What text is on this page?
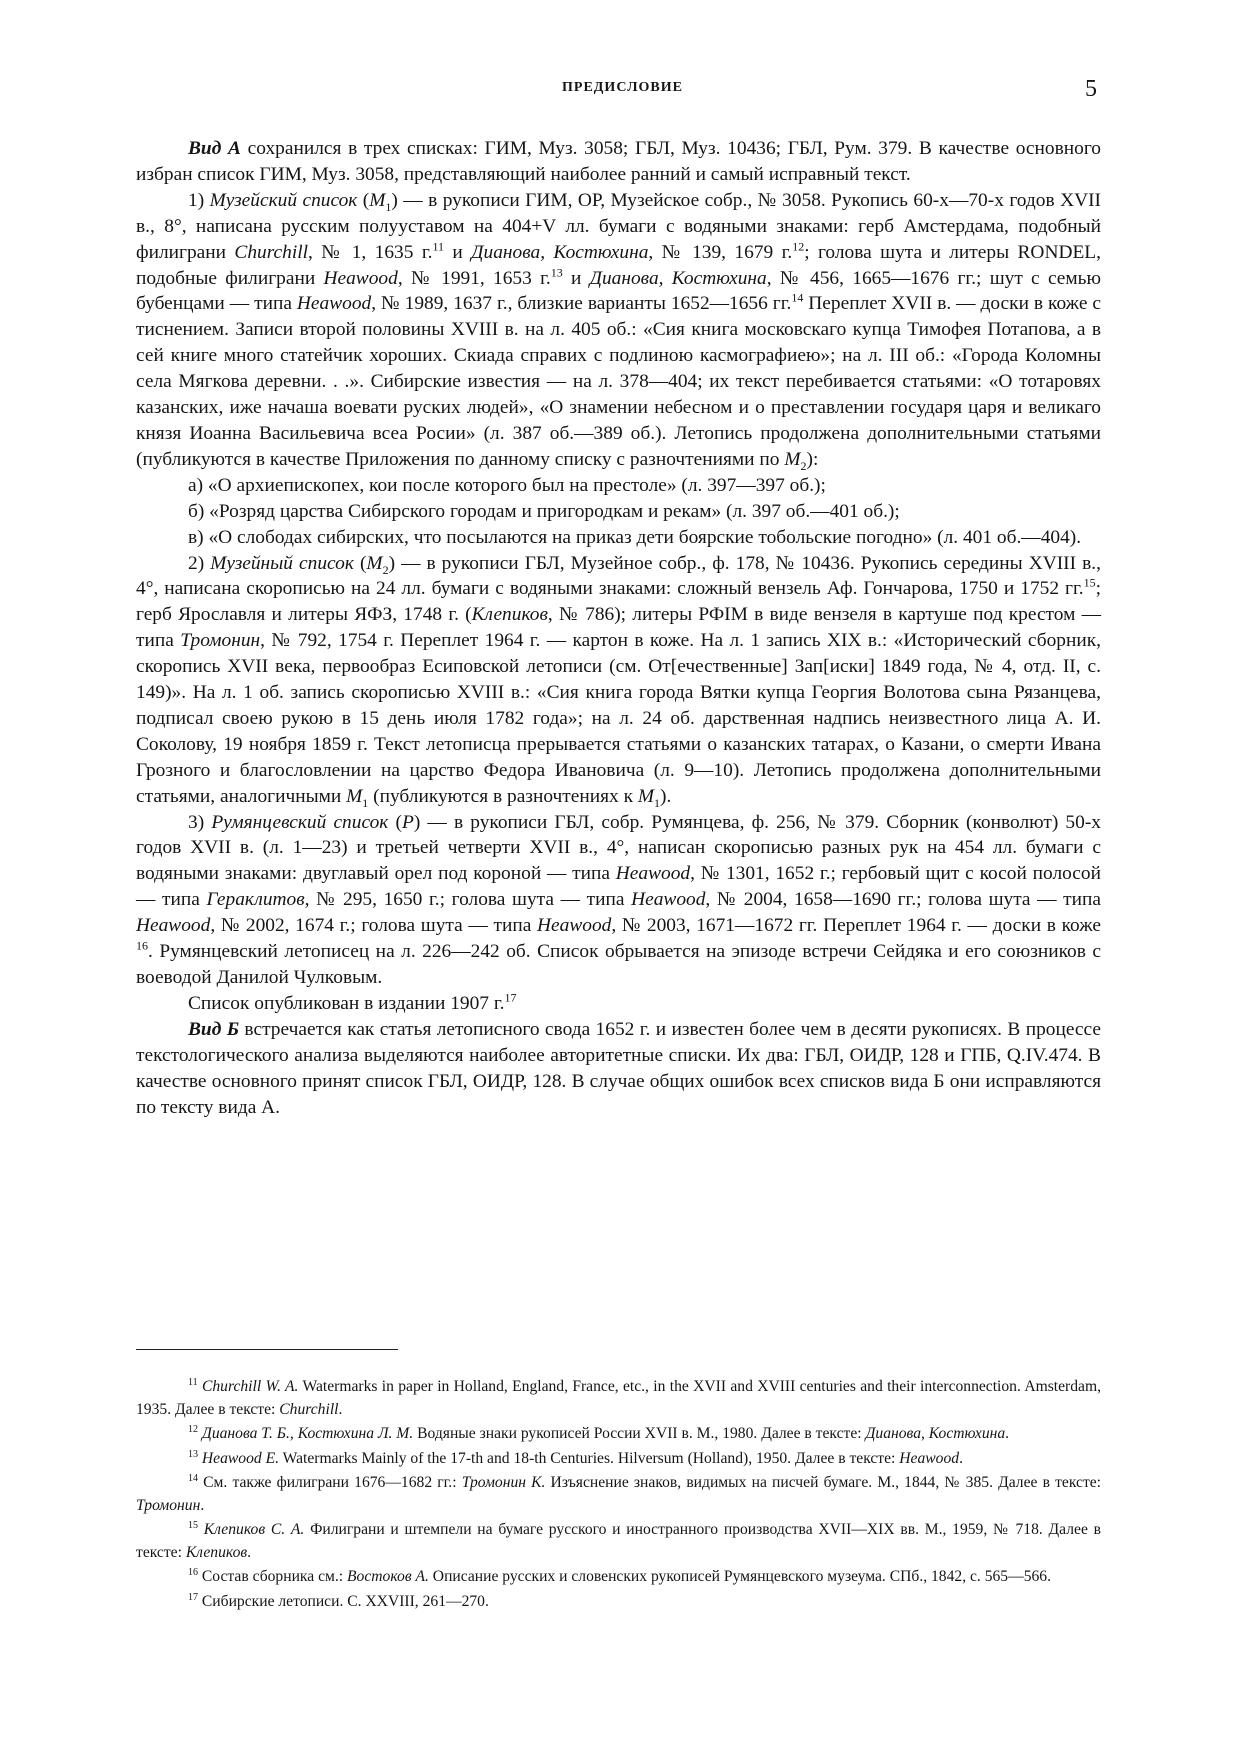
ПРЕДИСЛОВИЕ	5

Вид А сохранился в трех списках: ГИМ, Муз. 3058; ГБЛ, Муз. 10436; ГБЛ, Рум. 379. В качестве основного избран список ГИМ, Муз. 3058, представляющий наиболее ранний и самый исправный текст.

1) Музейский список $(М_1)$ — в рукописи ГИМ, ОР, Музейское собр., № 3058. Рукопись 60-х—70-х годов XVII в., 8°, написана русским полууставом на 404+V лл. бумаги с водяными знаками: герб Амстердама, подобный филиграни Churchill, № 1, 1635 г.$^{11}$ и Дианова, Костюхина, № 139, 1679 г.$^{12}$; голова шута и литеры RONDEL, подобные филиграни Heawood, № 1991, 1653 г.$^{13}$ и Дианова, Костюхина, № 456, 1665—1676 гг.; шут с семью бубенцами — типа Heawood, № 1989, 1637 г., близкие варианты 1652—1656 гг.$^{14}$ Переплет XVII в. — доски в коже с тиснением. Записи второй половины XVIII в. на л. 405 об.: «Сия книга московскаго купца Тимофея Потапова, а в сей книге много статейчик хороших. Скиада справих с подлиною касмографиею»; на л. III об.: «Города Коломны села Мягкова деревни. . .». Сибирские известия — на л. 378—404; их текст перебивается статьями: «О тотаровях казанских, иже начаша воевати руских людей», «О знамении небесном и о преставлении государя царя и великаго князя Иоанна Васильевича всеа Росии» (л. 387 об.—389 об.). Летопись продолжена дополнительными статьями (публикуются в качестве Приложения по данному списку с разночтениями по $М_2$):

а) «О архиепископех, кои после которого был на престоле» (л. 397—397 об.);

б) «Розряд царства Сибирского городам и пригородкам и рекам» (л. 397 об.—401 об.);

в) «О слободах сибирских, что посылаются на приказ дети боярские тобольские погодно» (л. 401 об.—404).

2) Музейный список $(М_2)$ — в рукописи ГБЛ, Музейное собр., ф. 178, № 10436. Рукопись середины XVIII в., 4°, написана скорописью на 24 лл. бумаги с водяными знаками: сложный вензель Аф. Гончарова, 1750 и 1752 гг.$^{15}$; герб Ярославля и литеры ЯФЗ, 1748 г. (Клепиков, № 786); литеры РФІМ в виде вензеля в картуше под крестом — типа Тромонин, № 792, 1754 г. Переплет 1964 г. — картон в коже. На л. 1 запись XIX в.: «Исторический сборник, скоропись XVII века, первообраз Есиповской летописи (см. От[ечественные] Зап[иски] 1849 года, № 4, отд. II, с. 149)». На л. 1 об. запись скорописью XVIII в.: «Сия книга города Вятки купца Георгия Волотова сына Рязанцева, подписал своею рукою в 15 день июля 1782 года»; на л. 24 об. дарственная надпись неизвестного лица А. И. Соколову, 19 ноября 1859 г. Текст летописца прерывается статьями о казанских татарах, о Казани, о смерти Ивана Грозного и благословлении на царство Федора Ивановича (л. 9—10). Летопись продолжена дополнительными статьями, аналогичными $М_1$ (публикуются в разночтениях к $М_1$).

3) Румянцевский список (Р) — в рукописи ГБЛ, собр. Румянцева, ф. 256, № 379. Сборник (конволют) 50-х годов XVII в. (л. 1—23) и третьей четверти XVII в., 4°, написан скорописью разных рук на 454 лл. бумаги с водяными знаками: двуглавый орел под короной — типа Heawood, № 1301, 1652 г.; гербовый щит с косой полосой — типа Гераклитов, № 295, 1650 г.; голова шута — типа Heawood, № 2004, 1658—1690 гг.; голова шута — типа Heawood, № 2002, 1674 г.; голова шута — типа Heawood, № 2003, 1671—1672 гг. Переплет 1964 г. — доски в коже $^{16}$. Румянцевский летописец на л. 226—242 об. Список обрывается на эпизоде встречи Сейдяка и его союзников с воеводой Данилой Чулковым.

Список опубликован в издании 1907 г.$^{17}$

Вид Б встречается как статья летописного свода 1652 г. и известен более чем в десяти рукописях. В процессе текстологического анализа выделяются наиболее авторитетные списки. Их два: ГБЛ, ОИДР, 128 и ГПБ, Q.IV.474. В качестве основного принят список ГБЛ, ОИДР, 128. В случае общих ошибок всех списков вида Б они исправляются по тексту вида А.

$^{11}$ Churchill W. A. Watermarks in paper in Holland, England, France, etc., in the XVII and XVIII centuries and their interconnection. Amsterdam, 1935. Далее в тексте: Churchill.

$^{12}$ Дианова Т. Б., Костюхина Л. М. Водяные знаки рукописей России XVII в. М., 1980. Далее в тексте: Дианова, Костюхина.

$^{13}$ Heawood E. Watermarks Mainly of the 17-th and 18-th Centuries. Hilversum (Holland), 1950. Далее в тексте: Heawood.

$^{14}$ См. также филиграни 1676—1682 гг.: Тромонин К. Изъяснение знаков, видимых на писчей бумаге. М., 1844, № 385. Далее в тексте: Тромонин.

$^{15}$ Клепиков С. А. Филиграни и штемпели на бумаге русского и иностранного производства XVII—XIX вв. М., 1959, № 718. Далее в тексте: Клепиков.

$^{16}$ Состав сборника см.: Востоков А. Описание русских и словенских рукописей Румянцевского музеума. СПб., 1842, с. 565—566.

$^{17}$ Сибирские летописи. С. XXVIII, 261—270.
